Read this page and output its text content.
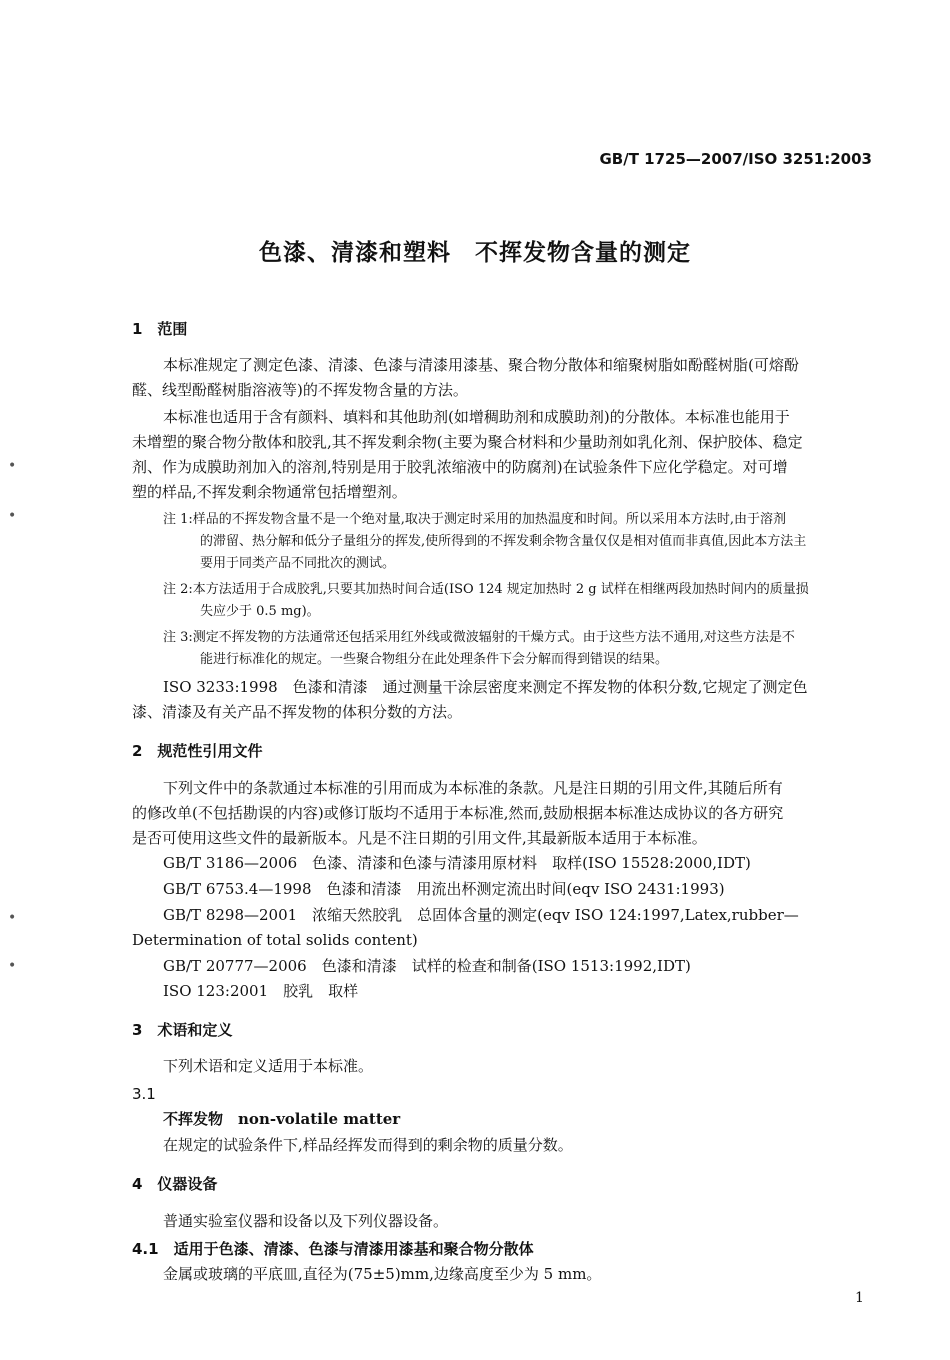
GB/T 1725—2007/ISO 3251:2003
色漆、清漆和塑料　不挥发物含量的测定
1　范围
本标准规定了测定色漆、清漆、色漆与清漆用漆基、聚合物分散体和缩聚树脂如酚醛树脂(可熔酚
醛、线型酚醛树脂溶液等)的不挥发物含量的方法。
本标准也适用于含有颜料、填料和其他助剂(如增稠助剂和成膜助剂)的分散体。本标准也能用于
未增塑的聚合物分散体和胶乳,其不挥发剩余物(主要为聚合材料和少量助剂如乳化剂、保护胶体、稳定
剂、作为成膜助剂加入的溶剂,特别是用于胶乳浓缩液中的防腐剂)在试验条件下应化学稳定。对可增
塑的样品,不挥发剩余物通常包括增塑剂。
注 1:样品的不挥发物含量不是一个绝对量,取决于测定时采用的加热温度和时间。所以采用本方法时,由于溶剂
的滞留、热分解和低分子量组分的挥发,使所得到的不挥发剩余物含量仅仅是相对值而非真值,因此本方法主
要用于同类产品不同批次的测试。
注 2:本方法适用于合成胶乳,只要其加热时间合适(ISO 124 规定加热时 2 g 试样在相继两段加热时间内的质量损
失应少于 0.5 mg)。
注 3:测定不挥发物的方法通常还包括采用红外线或微波辐射的干燥方式。由于这些方法不通用,对这些方法是不
能进行标准化的规定。一些聚合物组分在此处理条件下会分解而得到错误的结果。
ISO 3233:1998　色漆和清漆　通过测量干涂层密度来测定不挥发物的体积分数,它规定了测定色
漆、清漆及有关产品不挥发物的体积分数的方法。
2　规范性引用文件
下列文件中的条款通过本标准的引用而成为本标准的条款。凡是注日期的引用文件,其随后所有
的修改单(不包括勘误的内容)或修订版均不适用于本标准,然而,鼓励根据本标准达成协议的各方研究
是否可使用这些文件的最新版本。凡是不注日期的引用文件,其最新版本适用于本标准。
GB/T 3186—2006　色漆、清漆和色漆与清漆用原材料　取样(ISO 15528:2000,IDT)
GB/T 6753.4—1998　色漆和清漆　用流出杯测定流出时间(eqv ISO 2431:1993)
GB/T 8298—2001　浓缩天然胶乳　总固体含量的测定(eqv ISO 124:1997,Latex,rubber—
Determination of total solids content)
GB/T 20777—2006　色漆和清漆　试样的检查和制备(ISO 1513:1992,IDT)
ISO 123:2001　胶乳　取样
3　术语和定义
下列术语和定义适用于本标准。
3.1
不挥发物　 non-volatile matter
在规定的试验条件下,样品经挥发而得到的剩余物的质量分数。
4　仪器设备
普通实验室仪器和设备以及下列仪器设备。
4.1　适用于色漆、清漆、色漆与清漆用漆基和聚合物分散体
金属或玻璃的平底皿,直径为(75±5)mm,边缘高度至少为 5 mm。
•
•
•
•
1
